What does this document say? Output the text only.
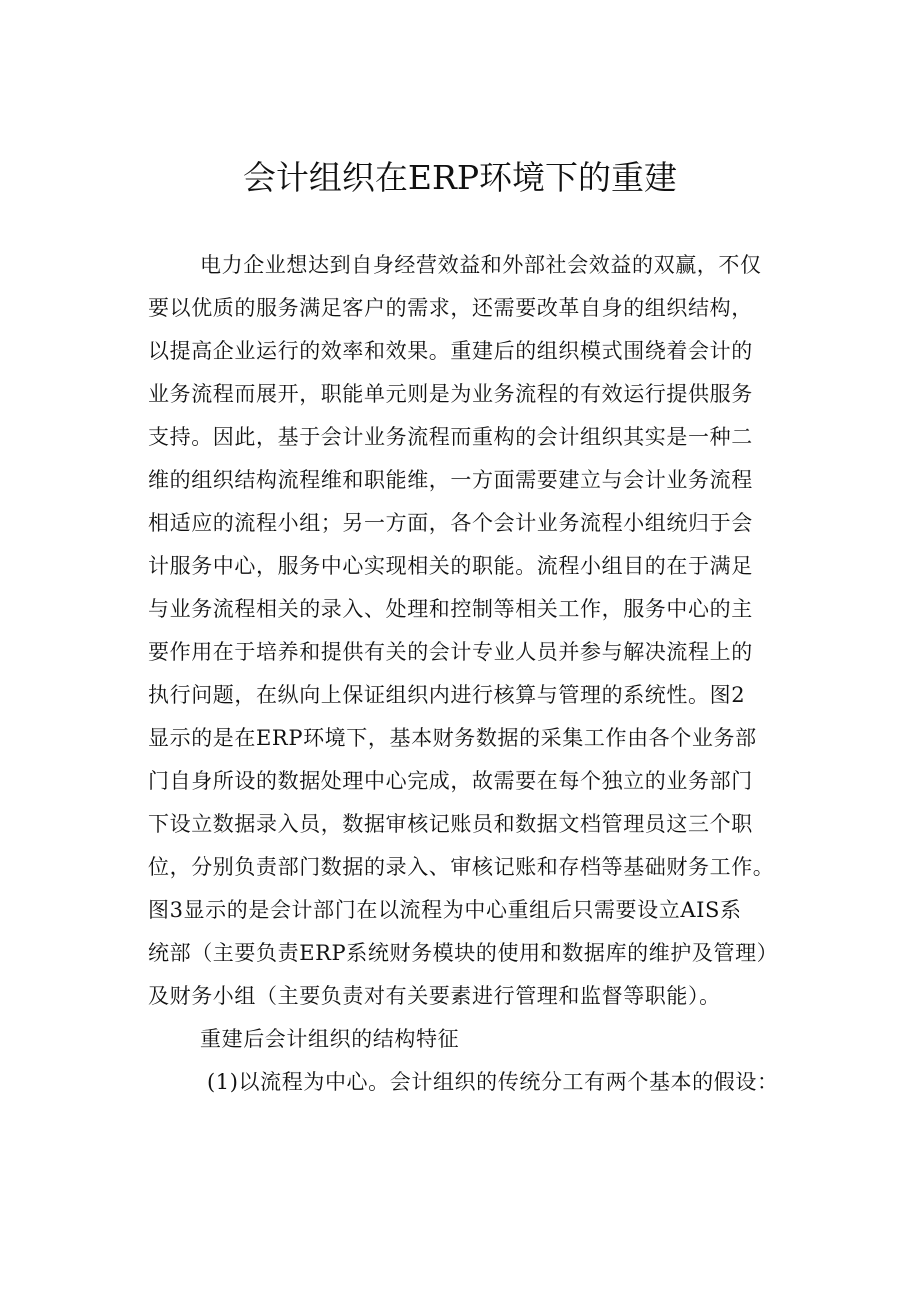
会计组织在ERP环境下的重建
电力企业想达到自身经营效益和外部社会效益的双赢，不仅
要以优质的服务满足客户的需求，还需要改革自身的组织结构，
以提高企业运行的效率和效果。重建后的组织模式围绕着会计的
业务流程而展开，职能单元则是为业务流程的有效运行提供服务
支持。因此，基于会计业务流程而重构的会计组织其实是一种二
维的组织结构流程维和职能维，一方面需要建立与会计业务流程
相适应的流程小组；另一方面，各个会计业务流程小组统归于会
计服务中心，服务中心实现相关的职能。流程小组目的在于满足
与业务流程相关的录入、处理和控制等相关工作，服务中心的主
要作用在于培养和提供有关的会计专业人员并参与解决流程上的
执行问题，在纵向上保证组织内进行核算与管理的系统性。图2
显示的是在ERP环境下，基本财务数据的采集工作由各个业务部
门自身所设的数据处理中心完成，故需要在每个独立的业务部门
下设立数据录入员，数据审核记账员和数据文档管理员这三个职
位，分别负责部门数据的录入、审核记账和存档等基础财务工作。
图3显示的是会计部门在以流程为中心重组后只需要设立AIS系
统部（主要负责ERP系统财务模块的使用和数据库的维护及管理）
及财务小组（主要负责对有关要素进行管理和监督等职能）。
重建后会计组织的结构特征
(1)以流程为中心。会计组织的传统分工有两个基本的假设：
